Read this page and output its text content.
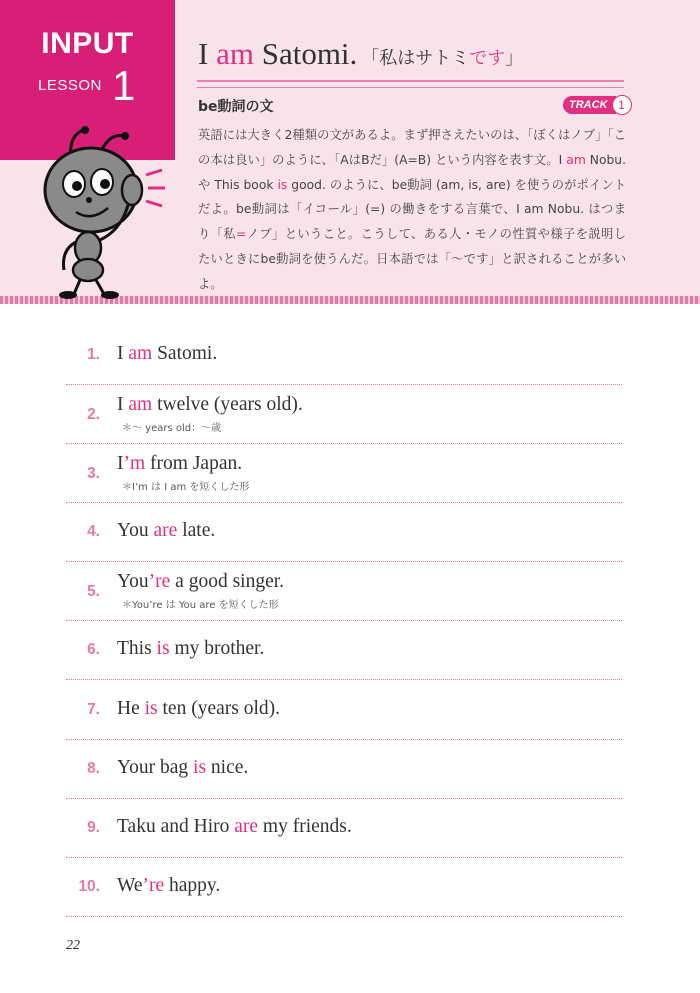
INPUT
LESSON 1
I am Satomi. 「私はサトミです」
be動詞の文	TRACK 1
英語には大きく2種類の文があるよ。まず押さえたいのは、「ぼくはノブ」「この本は良い」のように、「AはBだ」(A=B) という内容を表す文。I am Nobu. や This book is good. のように、be動詞 (am, is, are) を使うのがポイントだよ。be動詞は「イコール」(=) の働きをする言葉で、I am Nobu. はつまり「私=ノブ」ということ。こうして、ある人・モノの性質や様子を説明したいときにbe動詞を使うんだ。日本語では「〜です」と訳されることが多いよ。
1. I am Satomi.
2. I am twelve (years old).
＊〜 years old：〜歳
3. I’m from Japan.
＊I’m は I am を短くした形
4. You are late.
5. You’re a good singer.
＊You’re は You are を短くした形
6. This is my brother.
7. He is ten (years old).
8. Your bag is nice.
9. Taku and Hiro are my friends.
10. We’re happy.
22
